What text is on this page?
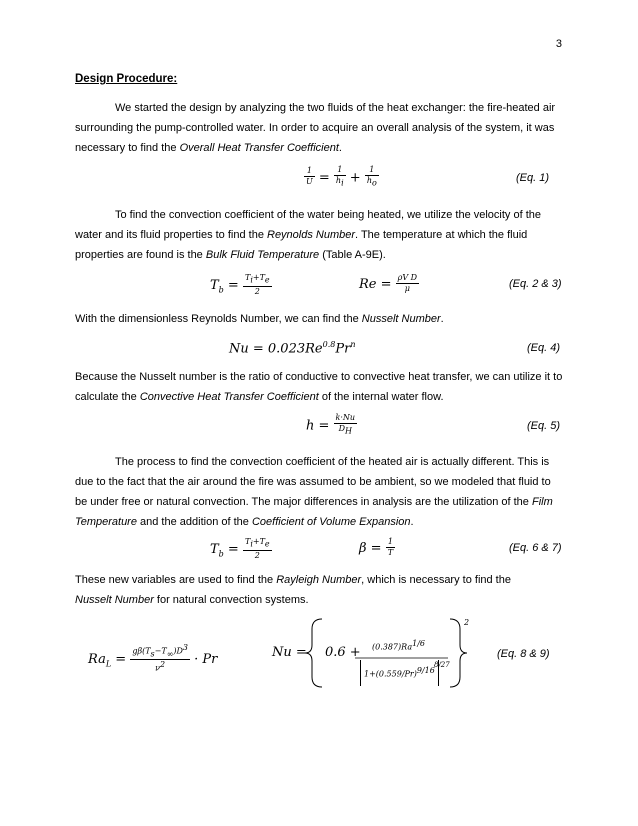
3
Design Procedure:

We started the design by analyzing the two fluids of the heat exchanger: the fire-heated air surrounding the pump-controlled water. In order to acquire an overall analysis of the system, it was necessary to find the Overall Heat Transfer Coefficient.

$\frac{1}{U} = \frac{1}{h_i} + \frac{1}{h_o}$	(Eq. 1)

To find the convection coefficient of the water being heated, we utilize the velocity of the water and its fluid properties to find the Reynolds Number. The temperature at which the fluid properties are found is the Bulk Fluid Temperature (Table A-9E).

$T_b = \frac{T_i+T_e}{2}$	$Re = \frac{\text{ρV D}}{\mu}$	(Eq. 2 & 3)

With the dimensionless Reynolds Number, we can find the Nusselt Number.

$Nu = 0.023Re^{0.8}Pr^n$	(Eq. 4)

Because the Nusselt number is the ratio of conductive to convective heat transfer, we can utilize it to calculate the Convective Heat Transfer Coefficient of the internal water flow.

$h = \frac{k\cdot Nu}{D_H}$	(Eq. 5)

The process to find the convection coefficient of the heated air is actually different. This is due to the fact that the air around the fire was assumed to be ambient, so we modeled that fluid to be under free or natural convection. The major differences in analysis are the utilization of the Film Temperature and the addition of the Coefficient of Volume Expansion.

$T_b = \frac{T_i+T_e}{2}$	$\beta = \frac{1}{T}$	(Eq. 6 & 7)

These new variables are used to find the Rayleigh Number, which is necessary to find the
Nusselt Number for natural convection systems.

$Ra_L = \frac{g\beta(T_s-T_\infty)D^3}{\nu^2} \cdot Pr$	$Nu = 0.6 + (0.387)Ra^{1/6}$
$1+(0.559/Pr)^{9/16}$
8/27
2
(Eq. 8 & 9)
